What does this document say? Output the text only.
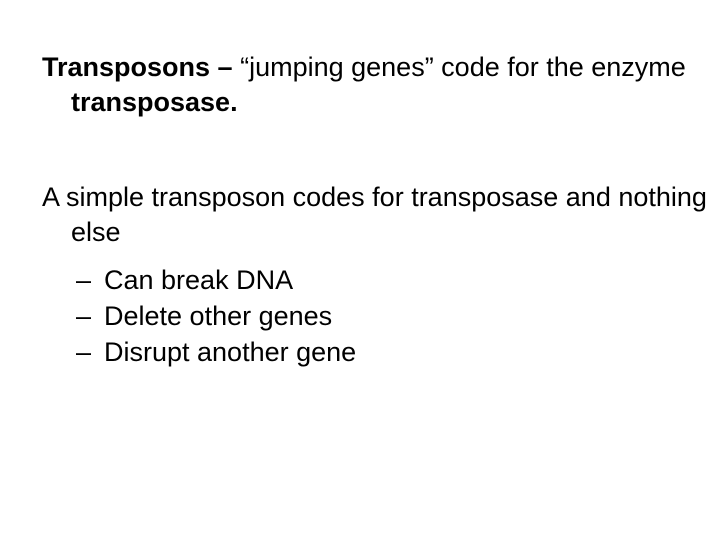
Transposons – “jumping genes” code for the enzyme transposase.
A simple transposon codes for transposase and nothing else
– Can break DNA
– Delete other genes
– Disrupt another gene
